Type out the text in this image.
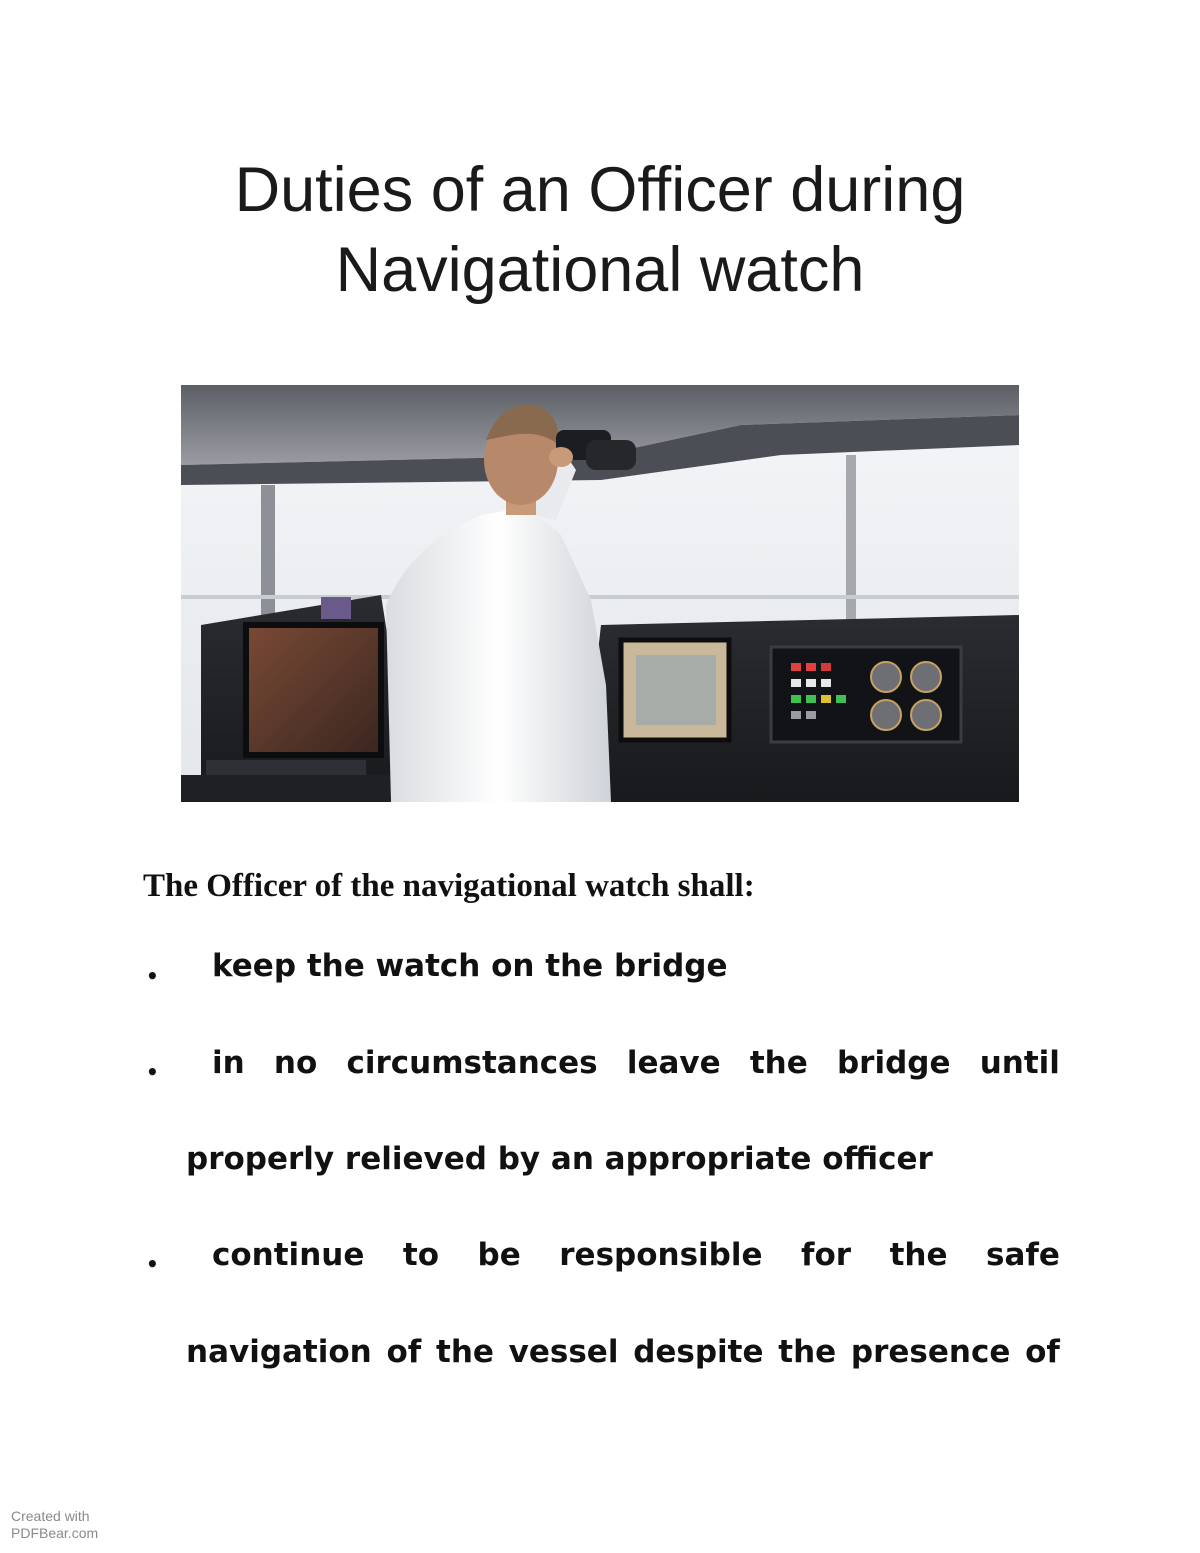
Duties of an Officer during
Navigational watch

The Officer of the navigational watch shall:

• keep the watch on the bridge
• in no circumstances leave the bridge until
properly relieved by an appropriate officer
• continue to be responsible for the safe
navigation of the vessel despite the presence of
Created with
PDFBear.com
